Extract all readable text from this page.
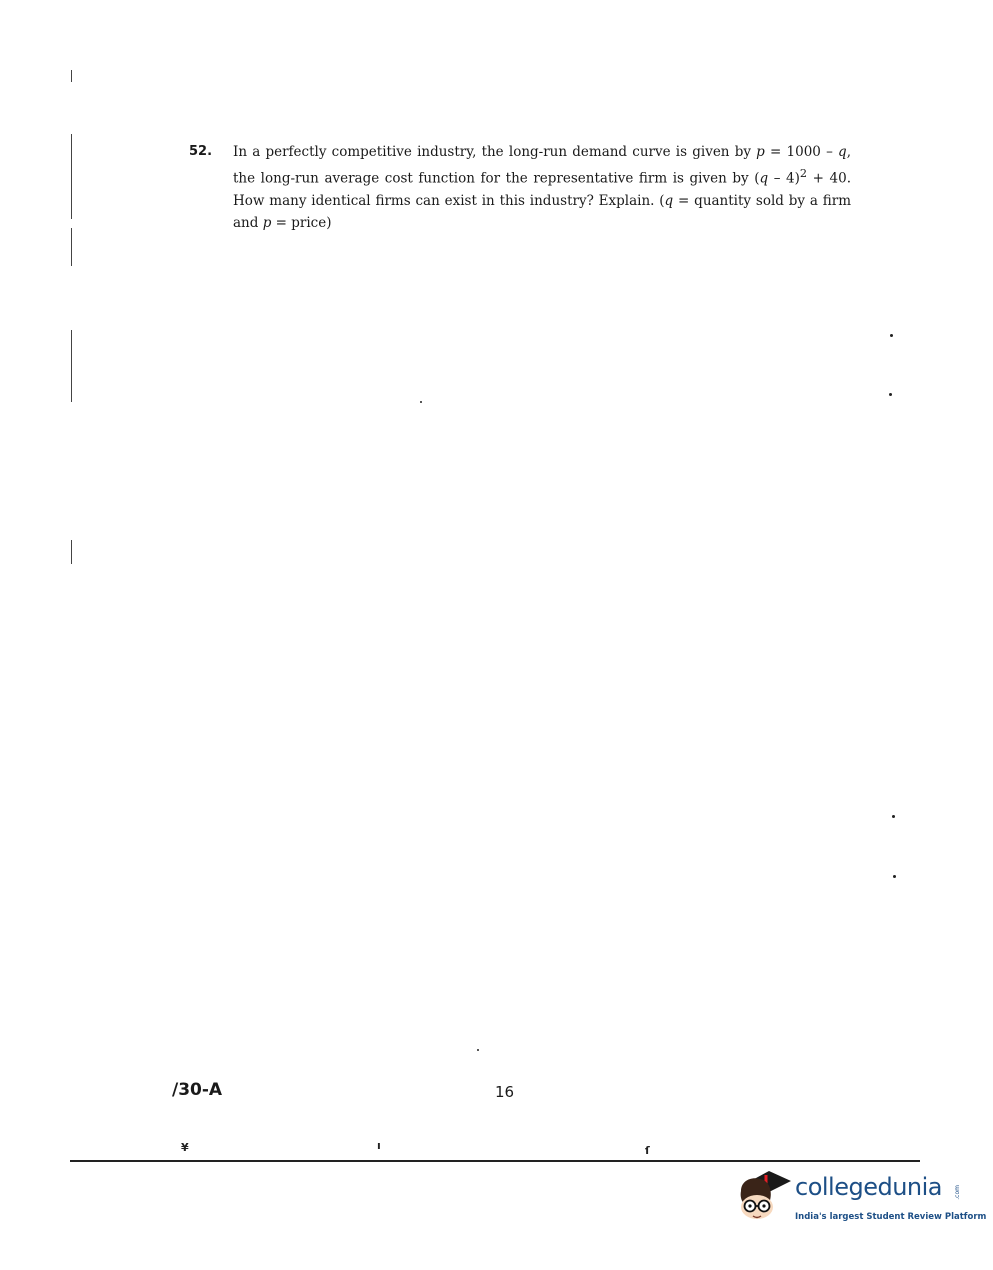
52. In a perfectly competitive industry, the long-run demand curve is given by p = 1000 – q, the long-run average cost function for the representative firm is given by (q – 4)$^2$ + 40. How many identical firms can exist in this industry? Explain. (q = quantity sold by a firm and p = price)
/30-A	16
¥	ı	ſ
collegedunia .com
India's largest Student Review Platform
